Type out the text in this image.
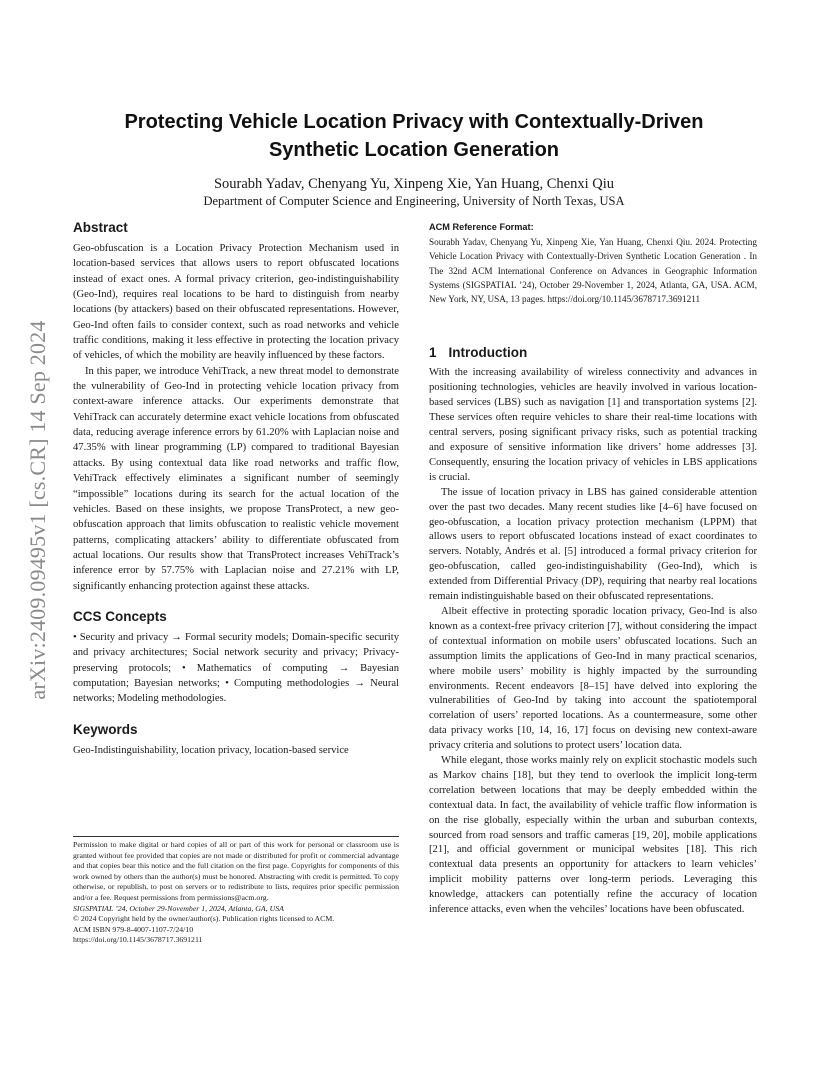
arXiv:2409.09495v1 [cs.CR] 14 Sep 2024
Protecting Vehicle Location Privacy with Contextually-Driven
Synthetic Location Generation
Sourabh Yadav, Chenyang Yu, Xinpeng Xie, Yan Huang, Chenxi Qiu
Department of Computer Science and Engineering, University of North Texas, USA
Abstract

Geo-obfuscation is a Location Privacy Protection Mechanism used in location-based services that allows users to report obfuscated locations instead of exact ones. A formal privacy criterion, geo-indistinguishability (Geo-Ind), requires real locations to be hard to distinguish from nearby locations (by attackers) based on their obfuscated representations. However, Geo-Ind often fails to consider context, such as road networks and vehicle traffic conditions, making it less effective in protecting the location privacy of vehicles, of which the mobility are heavily influenced by these factors.

In this paper, we introduce VehiTrack, a new threat model to demonstrate the vulnerability of Geo-Ind in protecting vehicle location privacy from context-aware inference attacks. Our experiments demonstrate that VehiTrack can accurately determine exact vehicle locations from obfuscated data, reducing average inference errors by 61.20% with Laplacian noise and 47.35% with linear programming (LP) compared to traditional Bayesian attacks. By using contextual data like road networks and traffic flow, VehiTrack effectively eliminates a significant number of seemingly “impossible” locations during its search for the actual location of the vehicles. Based on these insights, we propose TransProtect, a new geo-obfuscation approach that limits obfuscation to realistic vehicle movement patterns, complicating attackers’ ability to differentiate obfuscated from actual locations. Our results show that TransProtect increases VehiTrack’s inference error by 57.75% with Laplacian noise and 27.21% with LP, significantly enhancing protection against these attacks.

CCS Concepts

• Security and privacy → Formal security models; Domain-specific security and privacy architectures; Social network security and privacy; Privacy-preserving protocols; • Mathematics of computing → Bayesian computation; Bayesian networks; • Computing methodologies → Neural networks; Modeling methodologies.

Keywords

Geo-Indistinguishability, location privacy, location-based service

Permission to make digital or hard copies of all or part of this work for personal or classroom use is granted without fee provided that copies are not made or distributed for profit or commercial advantage and that copies bear this notice and the full citation on the first page. Copyrights for components of this work owned by others than the author(s) must be honored. Abstracting with credit is permitted. To copy otherwise, or republish, to post on servers or to redistribute to lists, requires prior specific permission and/or a fee. Request permissions from permissions@acm.org.

SIGSPATIAL ’24, October 29-November 1, 2024, Atlanta, GA, USA

© 2024 Copyright held by the owner/author(s). Publication rights licensed to ACM.

ACM ISBN 979-8-4007-1107-7/24/10

https://doi.org/10.1145/3678717.3691211

ACM Reference Format:

Sourabh Yadav, Chenyang Yu, Xinpeng Xie, Yan Huang, Chenxi Qiu. 2024. Protecting Vehicle Location Privacy with Contextually-Driven Synthetic Location Generation . In The 32nd ACM International Conference on Advances in Geographic Information Systems (SIGSPATIAL ’24), October 29-November 1, 2024, Atlanta, GA, USA. ACM, New York, NY, USA, 13 pages. https://doi.org/10.1145/3678717.3691211

1 Introduction

With the increasing availability of wireless connectivity and advances in positioning technologies, vehicles are heavily involved in various location-based services (LBS) such as navigation [1] and transportation systems [2]. These services often require vehicles to share their real-time locations with central servers, posing significant privacy risks, such as potential tracking and exposure of sensitive information like drivers’ home addresses [3]. Consequently, ensuring the location privacy of vehicles in LBS applications is crucial.

The issue of location privacy in LBS has gained considerable attention over the past two decades. Many recent studies like [4–6] have focused on geo-obfuscation, a location privacy protection mechanism (LPPM) that allows users to report obfuscated locations instead of exact coordinates to servers. Notably, Andrés et al. [5] introduced a formal privacy criterion for geo-obfuscation, called geo-indistinguishability (Geo-Ind), which is extended from Differential Privacy (DP), requiring that nearby real locations remain indistinguishable based on their obfuscated representations.

Albeit effective in protecting sporadic location privacy, Geo-Ind is also known as a context-free privacy criterion [7], without considering the impact of contextual information on mobile users’ obfuscated locations. Such an assumption limits the applications of Geo-Ind in many practical scenarios, where mobile users’ mobility is highly impacted by the surrounding environments. Recent endeavors [8–15] have delved into exploring the vulnerabilities of Geo-Ind by taking into account the spatiotemporal correlation of users’ reported locations. As a countermeasure, some other data privacy works [10, 14, 16, 17] focus on devising new context-aware privacy criteria and solutions to protect users’ location data.

While elegant, those works mainly rely on explicit stochastic models such as Markov chains [18], but they tend to overlook the implicit long-term correlation between locations that may be deeply embedded within the contextual data. In fact, the availability of vehicle traffic flow information is on the rise globally, especially within the urban and suburban contexts, sourced from road sensors and traffic cameras [19, 20], mobile applications [21], and official government or municipal websites [18]. This rich contextual data presents an opportunity for attackers to learn vehicles’ implicit mobility patterns over long-term periods. Leveraging this knowledge, attackers can potentially refine the accuracy of location inference attacks, even when the vehciles’ locations have been obfuscated.
